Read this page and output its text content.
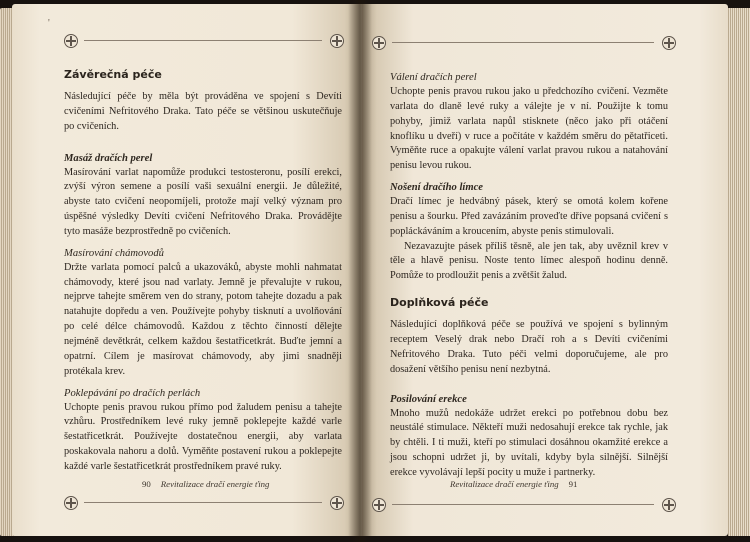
'
Závěrečná péče

Následující péče by měla být prováděna ve spojení s Devíti cvičeními Nefritového Draka. Tato péče se většinou uskutečňuje po cvičeních.

Masáž dračích perel

Masírování varlat napomůže produkci testosteronu, posílí erekci, zvýší výron semene a posílí vaši sexuální energii. Je důležité, abyste tato cvičení neopomíjeli, protože mají velký význam pro úspěšné výsledky Devíti cvičení Nefritového Draka. Provádějte tyto masáže bezprostředně po cvičeních.

Masírování chámovodů

Držte varlata pomocí palců a ukazováků, abyste mohli nahmatat chámovody, které jsou nad varlaty. Jemně je převalujte v rukou, nejprve tahejte směrem ven do strany, potom tahejte dozadu a pak natahujte dopředu a ven. Používejte pohyby tisknutí a uvolňování po celé délce chámovodů. Každou z těchto činností dělejte nejméně devětkrát, celkem každou šestatřicetkrát. Buďte jemní a opatrní. Cílem je masírovat chámovody, aby jimi snadněji protékala krev.

Poklepávání po dračích perlách

Uchopte penis pravou rukou přímo pod žaludem penisu a tahejte vzhůru. Prostředníkem levé ruky jemně poklepejte každé varle šestatřicetkrát. Používejte dostatečnou energii, aby varlata poskakovala nahoru a dolů. Vyměňte postavení rukou a poklepejte každé varle šestatřicetkrát prostředníkem pravé ruky.

90 Revitalizace dračí energie ťing
Válení dračích perel

Uchopte penis pravou rukou jako u předchozího cvičení. Vezměte varlata do dlaně levé ruky a válejte je v ní. Použijte k tomu pohyby, jimiž varlata napůl stisknete (něco jako při otáčení knoflíku u dveří) v ruce a počítáte v každém směru do pětatřiceti. Vyměňte ruce a opakujte válení varlat pravou rukou a natahování penisu levou rukou.

Nošení dračího límce

Dračí límec je hedvábný pásek, který se omotá kolem kořene penisu a šourku. Před zavázáním proveďte dříve popsaná cvičení s popláckáváním a kroucením, abyste penis stimulovali.

Nezavazujte pásek příliš těsně, ale jen tak, aby uvěznil krev v těle a hlavě penisu. Noste tento límec alespoň hodinu denně. Pomůže to prodloužit penis a zvětšit žalud.

Doplňková péče

Následující doplňková péče se používá ve spojení s bylinným receptem Veselý drak nebo Dračí roh a s Devíti cvičeními Nefritového Draka. Tuto péči velmi doporučujeme, ale pro dosažení většího penisu není nezbytná.

Posilování erekce

Mnoho mužů nedokáže udržet erekci po potřebnou dobu bez neustálé stimulace. Někteří muži nedosahují erekce tak rychle, jak by chtěli. I ti muži, kteří po stimulaci dosáhnou okamžité erekce a jsou schopni udržet ji, by uvítali, kdyby byla silnější. Silnější erekce vyvolávají lepší pocity u muže i partnerky.

Revitalizace dračí energie ťing 91
